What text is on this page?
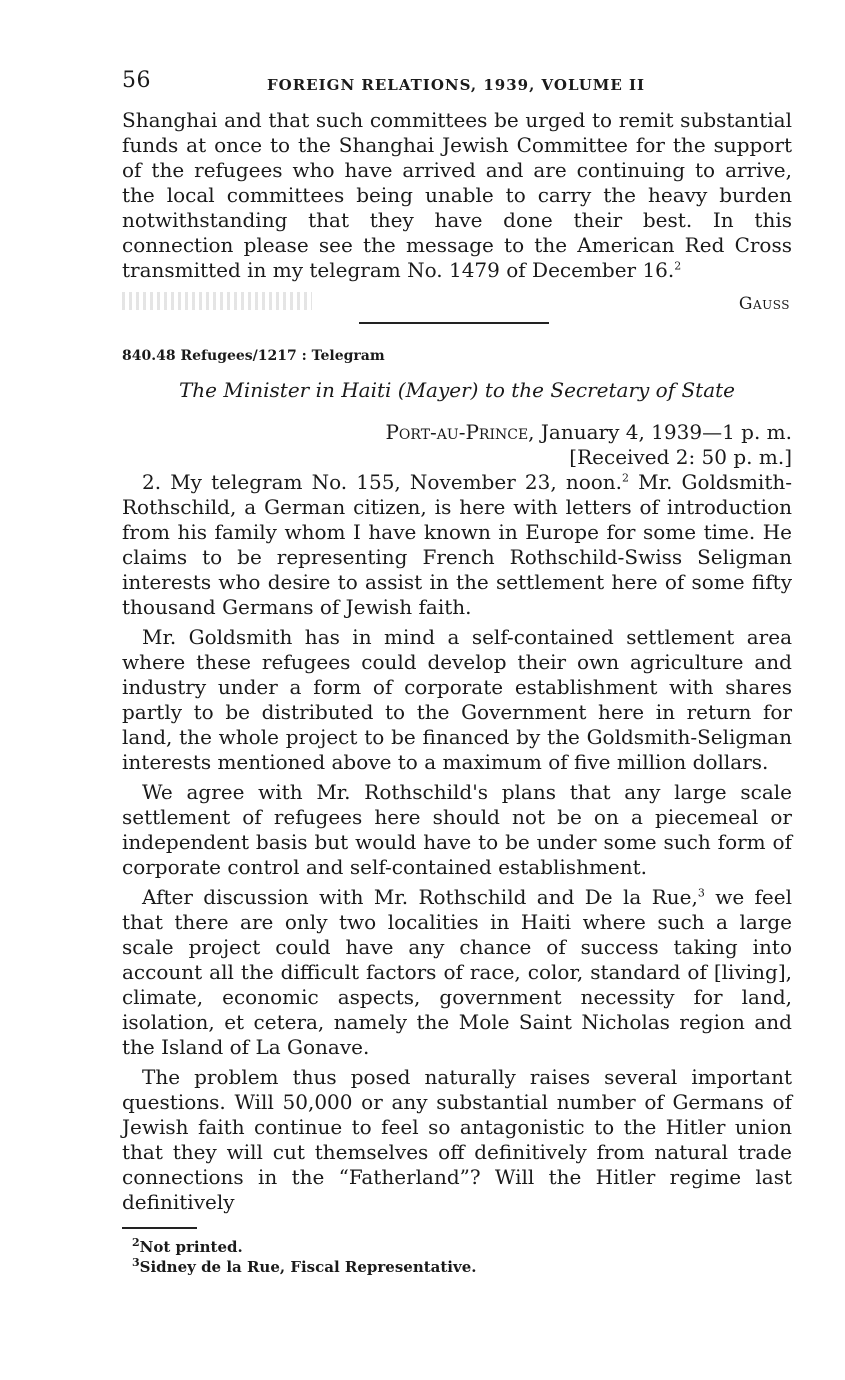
56	FOREIGN RELATIONS, 1939, VOLUME II

Shanghai and that such committees be urged to remit substantial funds at once to the Shanghai Jewish Committee for the support of the refugees who have arrived and are continuing to arrive, the local committees being unable to carry the heavy burden notwithstanding that they have done their best. In this connection please see the message to the American Red Cross transmitted in my telegram No. 1479 of December 16.$^2$

Gauss

840.48 Refugees/1217 : Telegram

The Minister in Haiti (Mayer) to the Secretary of State

Port-au-Prince, January 4, 1939—1 p. m.
[Received 2: 50 p. m.]

2. My telegram No. 155, November 23, noon.$^2$ Mr. Goldsmith-Rothschild, a German citizen, is here with letters of introduction from his family whom I have known in Europe for some time. He claims to be representing French Rothschild-Swiss Seligman interests who desire to assist in the settlement here of some fifty thousand Germans of Jewish faith.

Mr. Goldsmith has in mind a self-contained settlement area where these refugees could develop their own agriculture and industry under a form of corporate establishment with shares partly to be distributed to the Government here in return for land, the whole project to be financed by the Goldsmith-Seligman interests mentioned above to a maximum of five million dollars.

We agree with Mr. Rothschild's plans that any large scale settlement of refugees here should not be on a piecemeal or independent basis but would have to be under some such form of corporate control and self-contained establishment.

After discussion with Mr. Rothschild and De la Rue,$^3$ we feel that there are only two localities in Haiti where such a large scale project could have any chance of success taking into account all the difficult factors of race, color, standard of [living], climate, economic aspects, government necessity for land, isolation, et cetera, namely the Mole Saint Nicholas region and the Island of La Gonave.

The problem thus posed naturally raises several important questions. Will 50,000 or any substantial number of Germans of Jewish faith continue to feel so antagonistic to the Hitler union that they will cut themselves off definitively from natural trade connections in the “Fatherland”? Will the Hitler regime last definitively

$^2$Not printed.
$^3$Sidney de la Rue, Fiscal Representative.
